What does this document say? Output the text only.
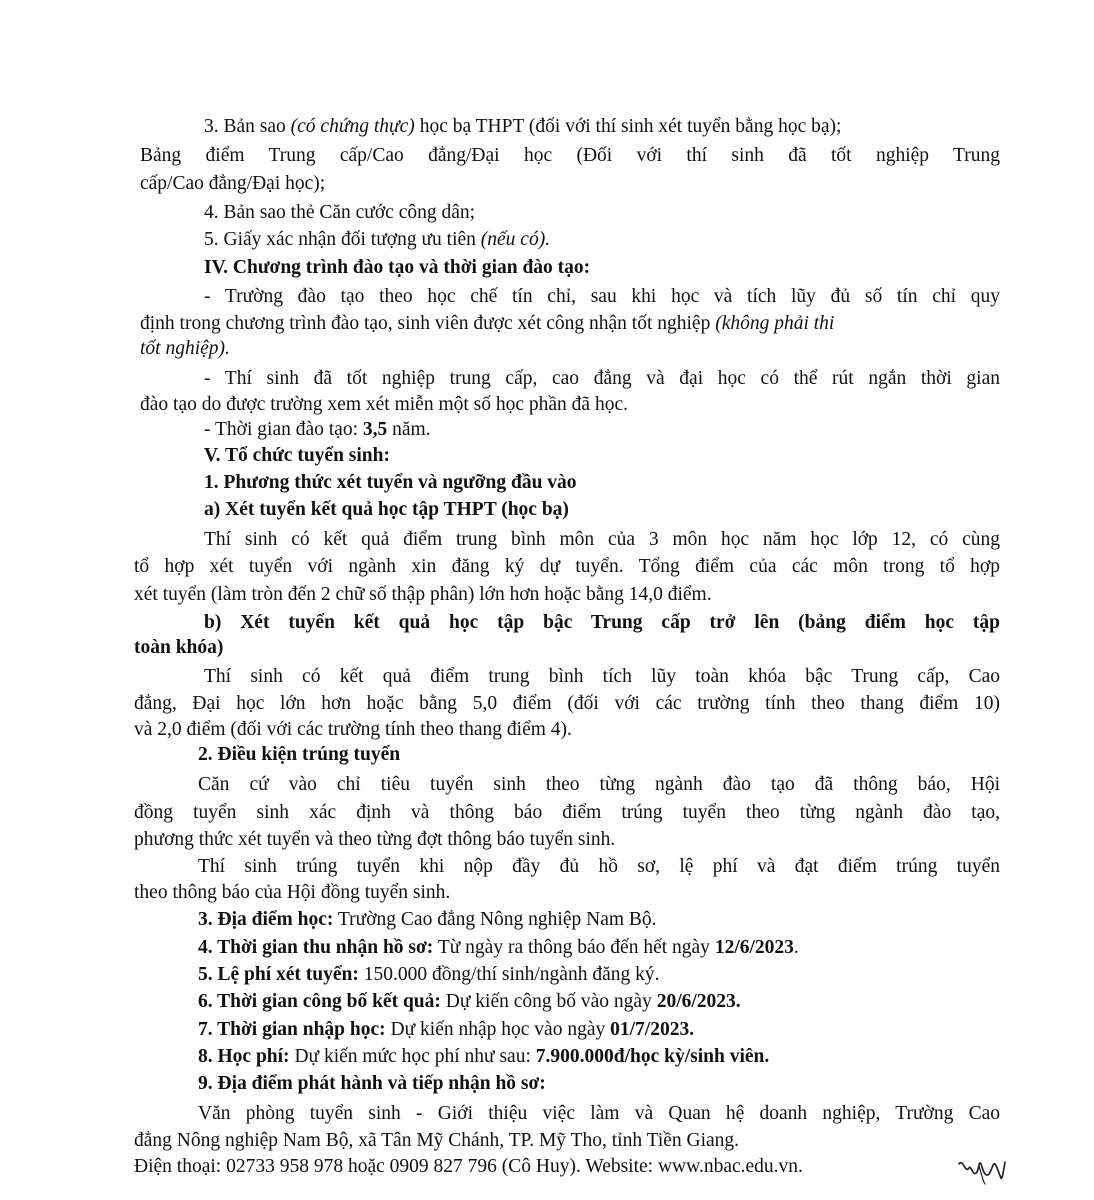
3. Bản sao (có chứng thực) học bạ THPT (đối với thí sinh xét tuyển bằng học bạ);
Bảng điểm Trung cấp/Cao đẳng/Đại học (Đối với thí sinh đã tốt nghiệp Trung
cấp/Cao đẳng/Đại học);
4. Bản sao thẻ Căn cước công dân;
5. Giấy xác nhận đối tượng ưu tiên (nếu có).
IV. Chương trình đào tạo và thời gian đào tạo:
- Trường đào tạo theo học chế tín chỉ, sau khi học và tích lũy đủ số tín chỉ quy
định trong chương trình đào tạo, sinh viên được xét công nhận tốt nghiệp (không phải thi
tốt nghiệp).
- Thí sinh đã tốt nghiệp trung cấp, cao đẳng và đại học có thể rút ngắn thời gian
đào tạo do được trường xem xét miễn một số học phần đã học.
- Thời gian đào tạo: 3,5 năm.
V. Tổ chức tuyển sinh:
1. Phương thức xét tuyển và ngưỡng đầu vào
a) Xét tuyển kết quả học tập THPT (học bạ)
Thí sinh có kết quả điểm trung bình môn của 3 môn học năm học lớp 12, có cùng
tổ hợp xét tuyển với ngành xin đăng ký dự tuyển. Tổng điểm của các môn trong tổ hợp
xét tuyển (làm tròn đến 2 chữ số thập phân) lớn hơn hoặc bằng 14,0 điểm.
b) Xét tuyển kết quả học tập bậc Trung cấp trở lên (bảng điểm học tập
toàn khóa)
Thí sinh có kết quả điểm trung bình tích lũy toàn khóa bậc Trung cấp, Cao
đẳng, Đại học lớn hơn hoặc bằng 5,0 điểm (đối với các trường tính theo thang điểm 10)
và 2,0 điểm (đối với các trường tính theo thang điểm 4).
2. Điều kiện trúng tuyển
Căn cứ vào chỉ tiêu tuyển sinh theo từng ngành đào tạo đã thông báo, Hội
đồng tuyển sinh xác định và thông báo điểm trúng tuyển theo từng ngành đào tạo,
phương thức xét tuyển và theo từng đợt thông báo tuyển sinh.
Thí sinh trúng tuyển khi nộp đầy đủ hồ sơ, lệ phí và đạt điểm trúng tuyển
theo thông báo của Hội đồng tuyển sinh.
3. Địa điểm học: Trường Cao đẳng Nông nghiệp Nam Bộ.
4. Thời gian thu nhận hồ sơ: Từ ngày ra thông báo đến hết ngày 12/6/2023.
5. Lệ phí xét tuyển: 150.000 đồng/thí sinh/ngành đăng ký.
6. Thời gian công bố kết quả: Dự kiến công bố vào ngày 20/6/2023.
7. Thời gian nhập học: Dự kiến nhập học vào ngày 01/7/2023.
8. Học phí: Dự kiến mức học phí như sau: 7.900.000đ/học kỳ/sinh viên.
9. Địa điểm phát hành và tiếp nhận hồ sơ:
Văn phòng tuyển sinh - Giới thiệu việc làm và Quan hệ doanh nghiệp, Trường Cao
đẳng Nông nghiệp Nam Bộ, xã Tân Mỹ Chánh, TP. Mỹ Tho, tỉnh Tiền Giang.
Điện thoại: 02733 958 978 hoặc 0909 827 796 (Cô Huy). Website: www.nbac.edu.vn.
